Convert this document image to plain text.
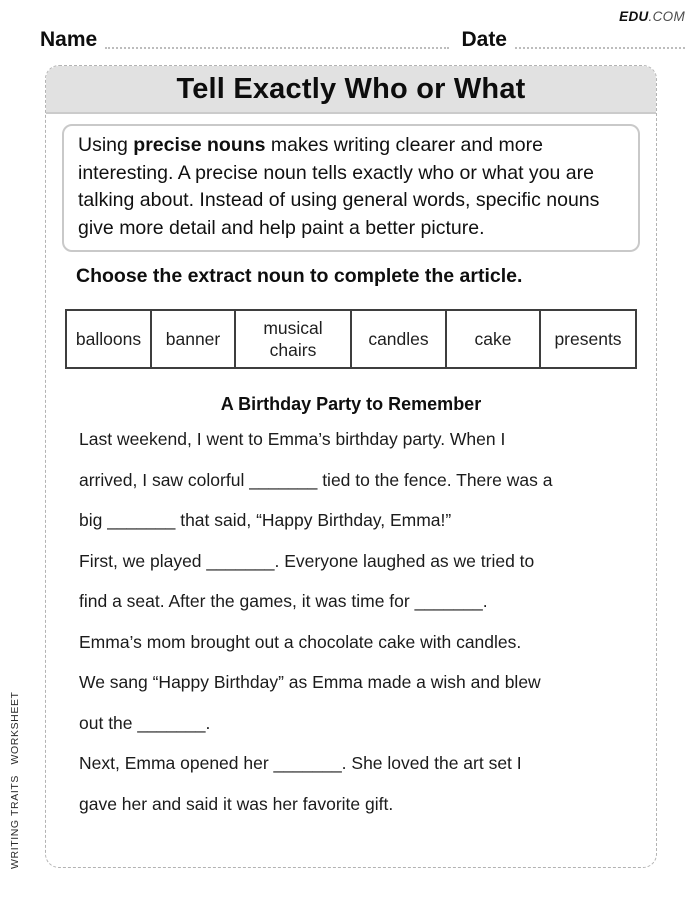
EDU.COM
Name	Date
Tell Exactly Who or What
Using precise nouns makes writing clearer and more interesting. A precise noun tells exactly who or what you are talking about. Instead of using general words, specific nouns give more detail and help paint a better picture.
Choose the extract noun to complete the article.
balloons	banner	musical chairs	candles	cake	presents
A Birthday Party to Remember
Last weekend, I went to Emma’s birthday party. When I
arrived, I saw colorful _______ tied to the fence. There was a
big _______ that said, “Happy Birthday, Emma!”
First, we played _______. Everyone laughed as we tried to
find a seat. After the games, it was time for _______.
Emma’s mom brought out a chocolate cake with candles.
We sang “Happy Birthday” as Emma made a wish and blew
out the _______.
Next, Emma opened her _______. She loved the art set I
gave her and said it was her favorite gift.
WRITING TRAITS   WORKSHEET
